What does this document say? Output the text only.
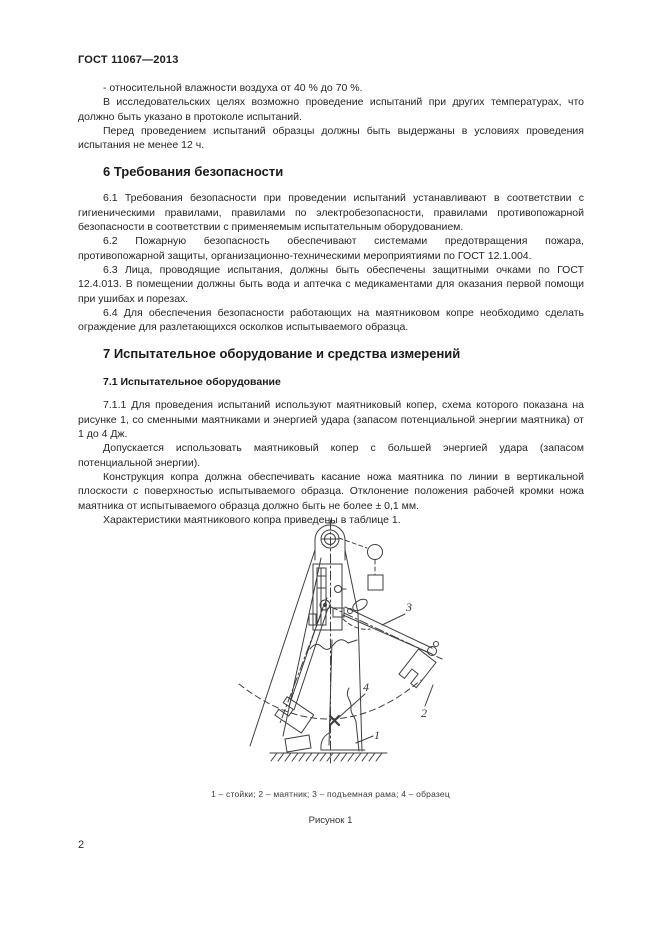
ГОСТ 11067—2013

- относительной влажности воздуха от 40 % до 70 %.

В исследовательских целях возможно проведение испытаний при других температурах, что должно быть указано в протоколе испытаний.

Перед проведением испытаний образцы должны быть выдержаны в условиях проведения испытания не менее 12 ч.

6 Требования безопасности

6.1 Требования безопасности при проведении испытаний устанавливают в соответствии с гигиеническими правилами, правилами по электробезопасности, правилами противопожарной безопасности в соответствии с применяемым испытательным оборудованием.

6.2 Пожарную безопасность обеспечивают системами предотвращения пожара, противопожарной защиты, организационно-техническими мероприятиями по ГОСТ 12.1.004.

6.3 Лица, проводящие испытания, должны быть обеспечены защитными очками по ГОСТ 12.4.013. В помещении должны быть вода и аптечка с медикаментами для оказания первой помощи при ушибах и порезах.

6.4 Для обеспечения безопасности работающих на маятниковом копре необходимо сделать ограждение для разлетающихся осколков испытываемого образца.

7 Испытательное оборудование и средства измерений
7.1 Испытательное оборудование

7.1.1 Для проведения испытаний используют маятниковый копер, схема которого показана на рисунке 1, со сменными маятниками и энергией удара (запасом потенциальной энергии маятника) от 1 до 4 Дж.

Допускается использовать маятниковый копер с большей энергией удара (запасом потенциальной энергии).

Конструкция копра должна обеспечивать касание ножа маятника по линии в вертикальной плоскости с поверхностью испытываемого образца. Отклонение положения рабочей кромки ножа маятника от испытываемого образца должно быть не более ± 0,1 мм.

Характеристики маятникового копра приведены в таблице 1.

1
2
3
4
1 – стойки; 2 – маятник; 3 – подъемная рама; 4 – образец
Рисунок 1
2
